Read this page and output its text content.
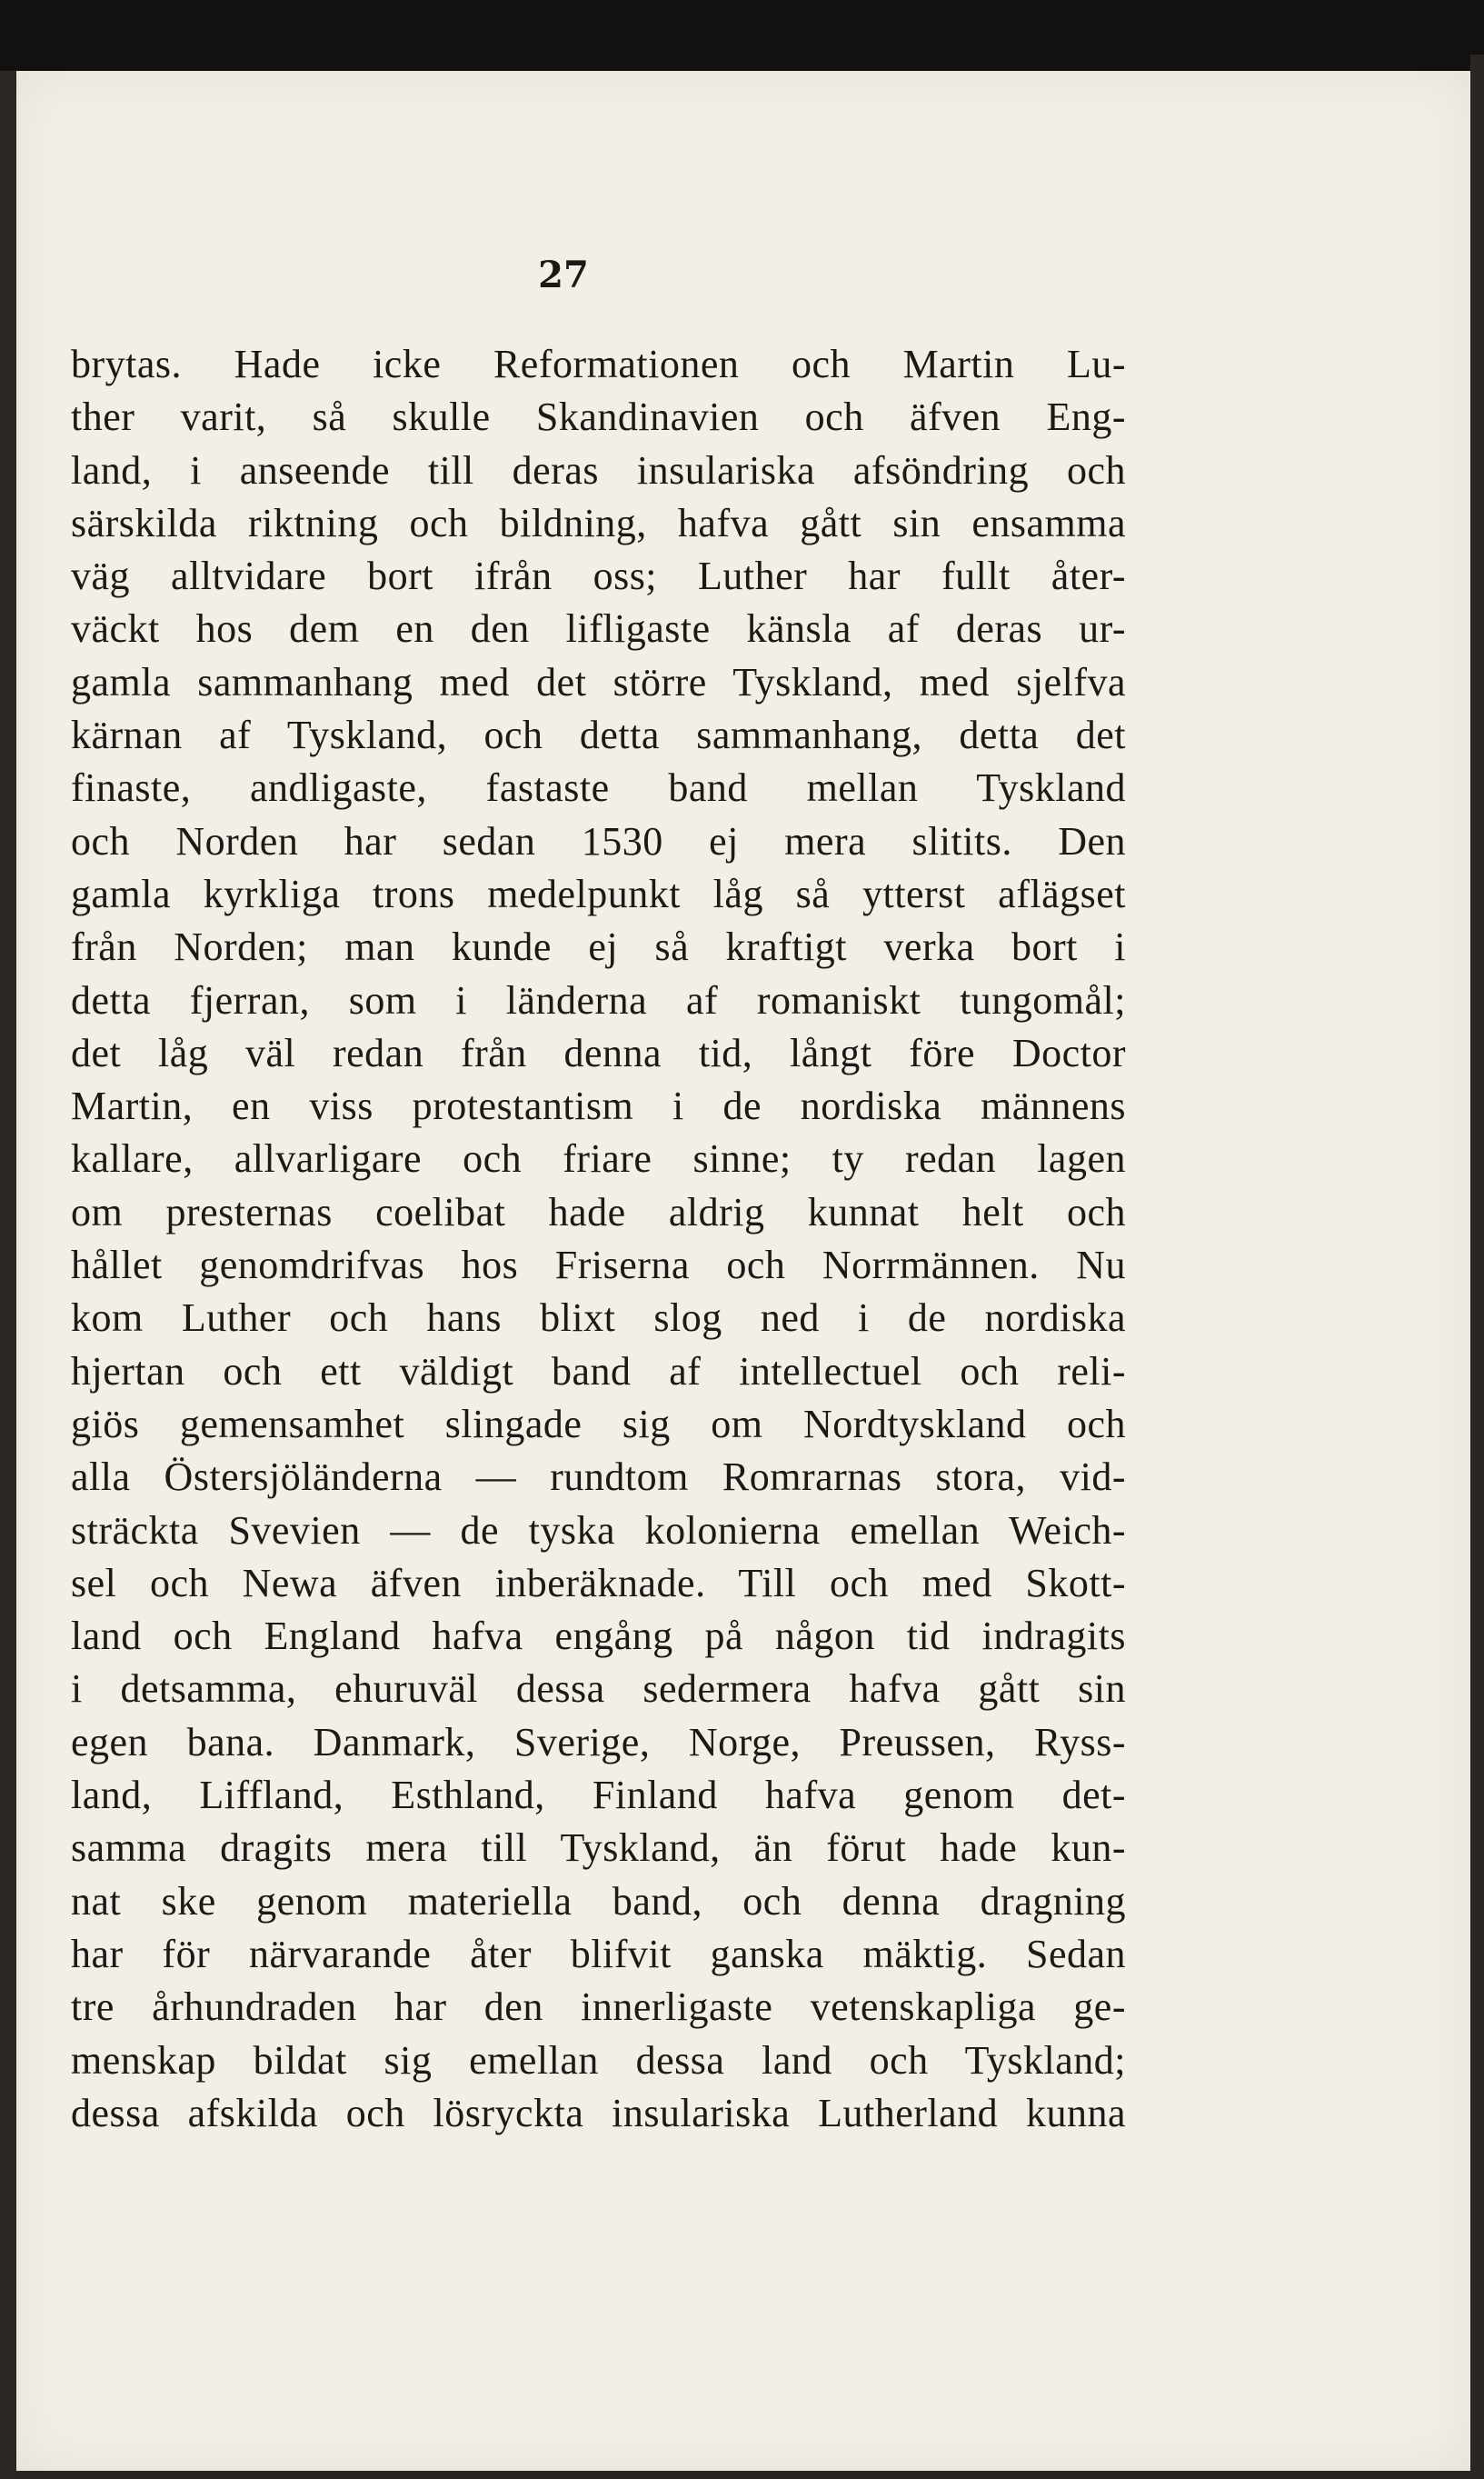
27
brytas. Hade icke Reformationen och Martin Lu-
ther varit, så skulle Skandinavien och äfven Eng-
land, i anseende till deras insulariska afsöndring och
särskilda riktning och bildning, hafva gått sin ensamma
väg alltvidare bort ifrån oss; Luther har fullt åter-
väckt hos dem en den lifligaste känsla af deras ur-
gamla sammanhang med det större Tyskland, med sjelfva
kärnan af Tyskland, och detta sammanhang, detta det
finaste, andligaste, fastaste band mellan Tyskland
och Norden har sedan 1530 ej mera slitits. Den
gamla kyrkliga trons medelpunkt låg så ytterst aflägset
från Norden; man kunde ej så kraftigt verka bort i
detta fjerran, som i länderna af romaniskt tungomål;
det låg väl redan från denna tid, långt före Doctor
Martin, en viss protestantism i de nordiska männens
kallare, allvarligare och friare sinne; ty redan lagen
om presternas coelibat hade aldrig kunnat helt och
hållet genomdrifvas hos Friserna och Norrmännen. Nu
kom Luther och hans blixt slog ned i de nordiska
hjertan och ett väldigt band af intellectuel och reli-
giös gemensamhet slingade sig om Nordtyskland och
alla Östersjöländerna — rundtom Romrarnas stora, vid-
sträckta Svevien — de tyska kolonierna emellan Weich-
sel och Newa äfven inberäknade. Till och med Skott-
land och England hafva engång på någon tid indragits
i detsamma, ehuruväl dessa sedermera hafva gått sin
egen bana. Danmark, Sverige, Norge, Preussen, Ryss-
land, Liffland, Esthland, Finland hafva genom det-
samma dragits mera till Tyskland, än förut hade kun-
nat ske genom materiella band, och denna dragning
har för närvarande åter blifvit ganska mäktig. Sedan
tre århundraden har den innerligaste vetenskapliga ge-
menskap bildat sig emellan dessa land och Tyskland;
dessa afskilda och lösryckta insulariska Lutherland kunna
